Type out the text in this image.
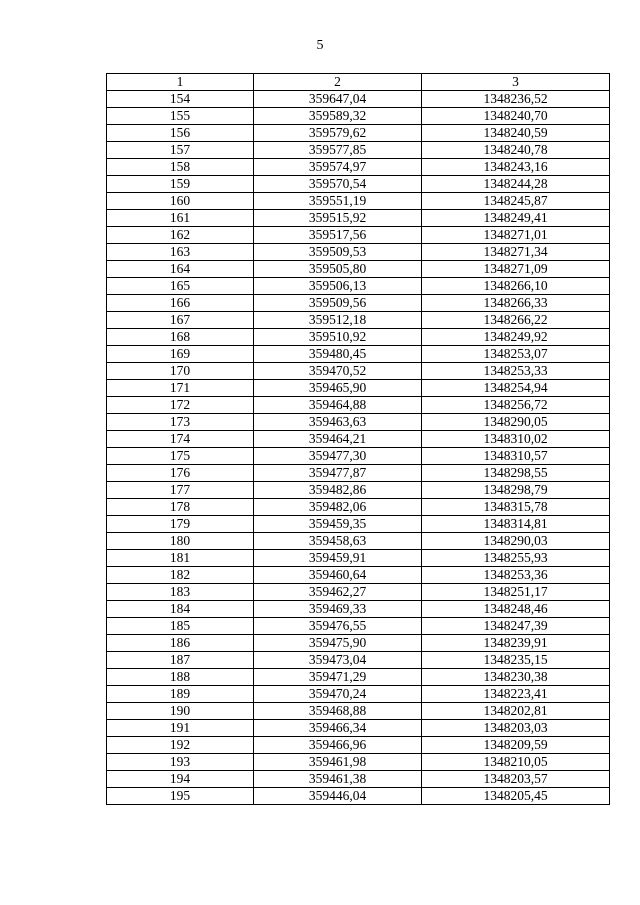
5
1	2	3
154	359647,04	1348236,52
155	359589,32	1348240,70
156	359579,62	1348240,59
157	359577,85	1348240,78
158	359574,97	1348243,16
159	359570,54	1348244,28
160	359551,19	1348245,87
161	359515,92	1348249,41
162	359517,56	1348271,01
163	359509,53	1348271,34
164	359505,80	1348271,09
165	359506,13	1348266,10
166	359509,56	1348266,33
167	359512,18	1348266,22
168	359510,92	1348249,92
169	359480,45	1348253,07
170	359470,52	1348253,33
171	359465,90	1348254,94
172	359464,88	1348256,72
173	359463,63	1348290,05
174	359464,21	1348310,02
175	359477,30	1348310,57
176	359477,87	1348298,55
177	359482,86	1348298,79
178	359482,06	1348315,78
179	359459,35	1348314,81
180	359458,63	1348290,03
181	359459,91	1348255,93
182	359460,64	1348253,36
183	359462,27	1348251,17
184	359469,33	1348248,46
185	359476,55	1348247,39
186	359475,90	1348239,91
187	359473,04	1348235,15
188	359471,29	1348230,38
189	359470,24	1348223,41
190	359468,88	1348202,81
191	359466,34	1348203,03
192	359466,96	1348209,59
193	359461,98	1348210,05
194	359461,38	1348203,57
195	359446,04	1348205,45
